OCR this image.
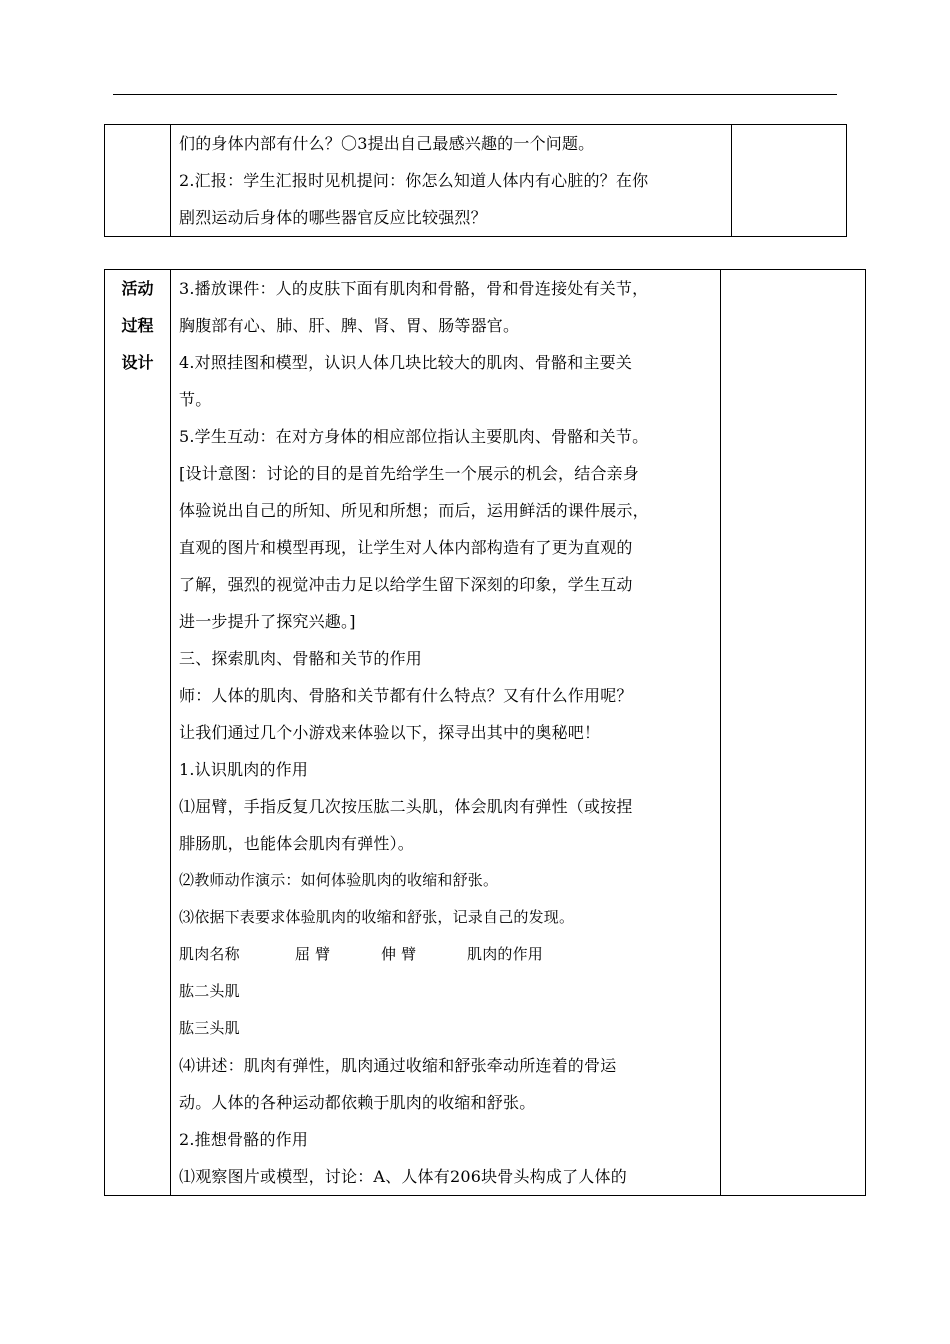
们的身体内部有什么？〇3提出自己最感兴趣的一个问题。
2.汇报：学生汇报时见机提问：你怎么知道人体内有心脏的？在你
剧烈运动后身体的哪些器官反应比较强烈？

活动
过程
设计

3.播放课件：人的皮肤下面有肌肉和骨骼，骨和骨连接处有关节，
胸腹部有心、肺、肝、脾、肾、胃、肠等器官。
4.对照挂图和模型，认识人体几块比较大的肌肉、骨骼和主要关
节。
5.学生互动：在对方身体的相应部位指认主要肌肉、骨骼和关节。
[设计意图：讨论的目的是首先给学生一个展示的机会，结合亲身
体验说出自己的所知、所见和所想；而后，运用鲜活的课件展示，
直观的图片和模型再现，让学生对人体内部构造有了更为直观的
了解，强烈的视觉冲击力足以给学生留下深刻的印象，学生互动
进一步提升了探究兴趣。]
三、探索肌肉、骨骼和关节的作用
师：人体的肌肉、骨胳和关节都有什么特点？又有什么作用呢？
让我们通过几个小游戏来体验以下，探寻出其中的奥秘吧！
1.认识肌肉的作用
⑴屈臂，手指反复几次按压肱二头肌，体会肌肉有弹性（或按捏
腓肠肌，也能体会肌肉有弹性）。
⑵教师动作演示：如何体验肌肉的收缩和舒张。
⑶依据下表要求体验肌肉的收缩和舒张，记录自己的发现。
肌肉名称	屈 臂	伸 臂	肌肉的作用
肱二头肌
肱三头肌
⑷讲述：肌肉有弹性，肌肉通过收缩和舒张牵动所连着的骨运
动。人体的各种运动都依赖于肌肉的收缩和舒张。
2.推想骨骼的作用
⑴观察图片或模型，讨论：A、人体有206块骨头构成了人体的
